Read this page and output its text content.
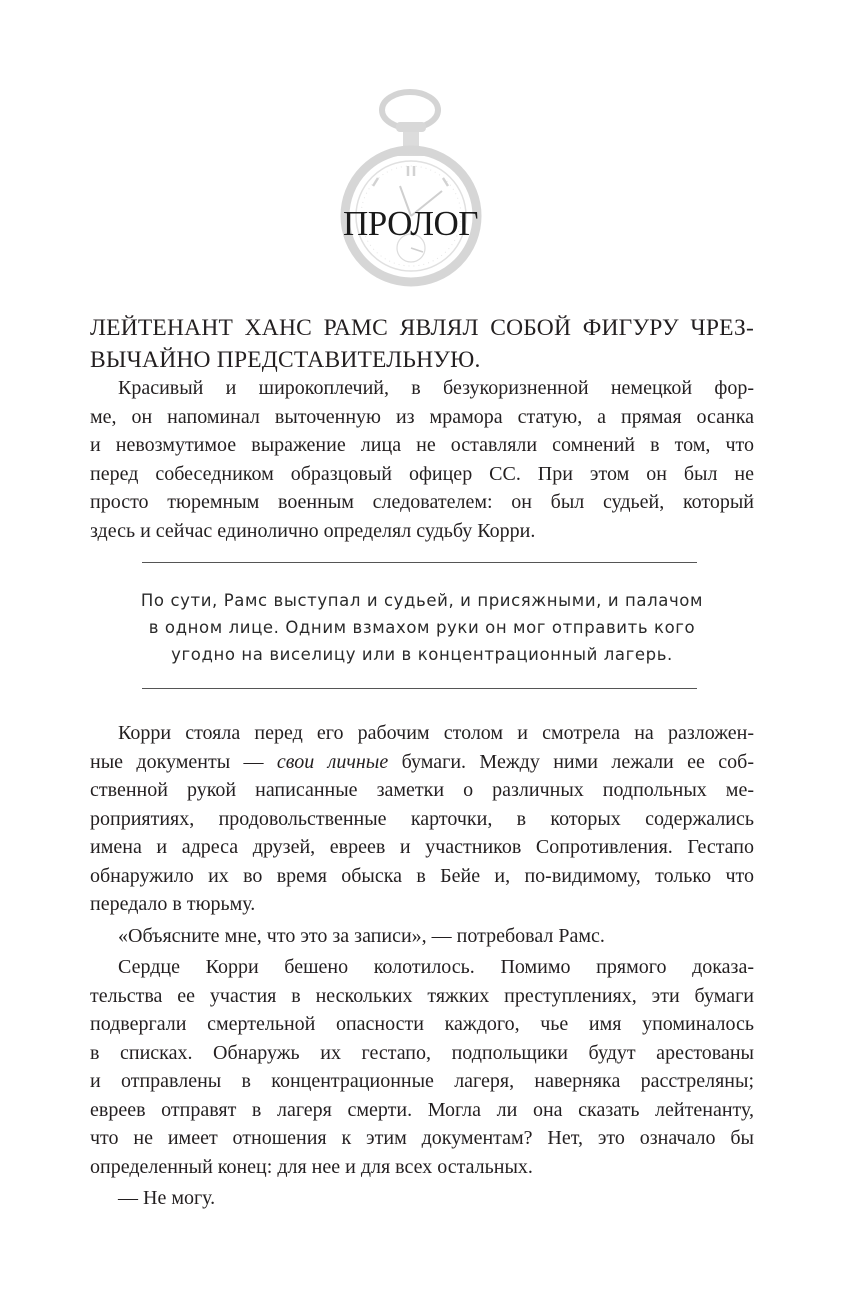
ПРОЛОГ
ЛЕЙТЕНАНТ ХАНС РАМС ЯВЛЯЛ СОБОЙ ФИГУРУ ЧРЕЗ-
ВЫЧАЙНО ПРЕДСТАВИТЕЛЬНУЮ.
Красивый и широкоплечий, в безукоризненной немецкой фор-
ме, он напоминал выточенную из мрамора статую, а прямая осанка
и невозмутимое выражение лица не оставляли сомнений в том, что
перед собеседником образцовый офицер СС. При этом он был не
просто тюремным военным следователем: он был судьей, который
здесь и сейчас единолично определял судьбу Корри.
По сути, Рамс выступал и судьей, и присяжными, и палачом
в одном лице. Одним взмахом руки он мог отправить кого
угодно на виселицу или в концентрационный лагерь.
Корри стояла перед его рабочим столом и смотрела на разложен-
ные документы — свои личные бумаги. Между ними лежали ее соб-
ственной рукой написанные заметки о различных подпольных ме-
роприятиях, продовольственные карточки, в которых содержались
имена и адреса друзей, евреев и участников Сопротивления. Гестапо
обнаружило их во время обыска в Бейе и, по-видимому, только что
передало в тюрьму.
«Объясните мне, что это за записи», — потребовал Рамс.
Сердце Корри бешено колотилось. Помимо прямого доказа-
тельства ее участия в нескольких тяжких преступлениях, эти бумаги
подвергали смертельной опасности каждого, чье имя упоминалось
в списках. Обнаружь их гестапо, подпольщики будут арестованы
и отправлены в концентрационные лагеря, наверняка расстреляны;
евреев отправят в лагеря смерти. Могла ли она сказать лейтенанту,
что не имеет отношения к этим документам? Нет, это означало бы
определенный конец: для нее и для всех остальных.
— Не могу.
